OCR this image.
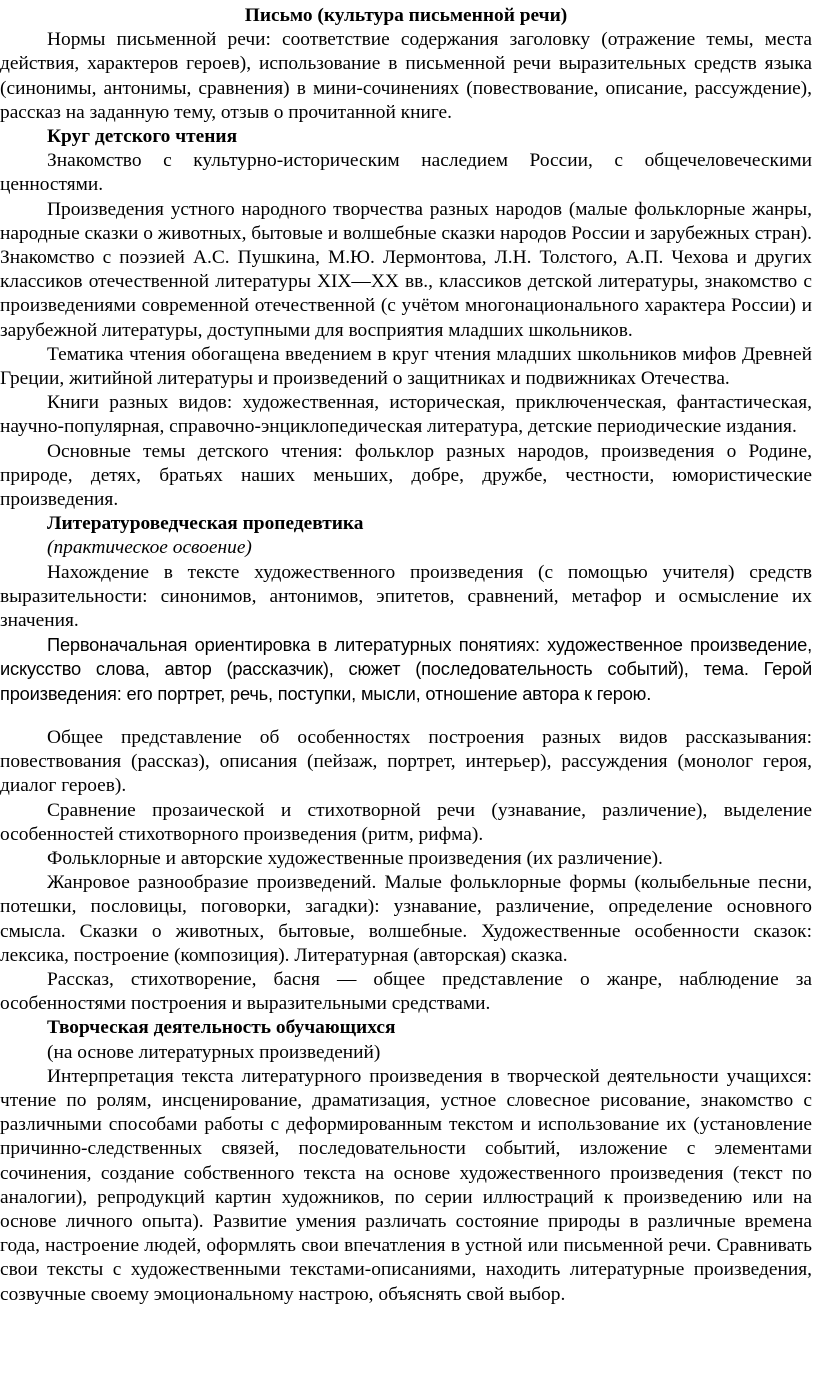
Письмо (культура письменной речи)

Нормы письменной речи: соответствие содержания заголовку (отражение темы, места действия, характеров героев), использование в письменной речи выразительных средств языка (синонимы, антонимы, сравнения) в мини-сочинениях (повествование, описание, рассуждение), рассказ на заданную тему, отзыв о прочитанной книге.

Круг детского чтения

Знакомство с культурно-историческим наследием России, с общечеловеческими ценностями.

Произведения устного народного творчества разных народов (малые фольклорные жанры, народные сказки о животных, бытовые и волшебные сказки народов России и зарубежных стран). Знакомство с поэзией А.С. Пушкина, М.Ю. Лермонтова, Л.Н. Толстого, А.П. Чехова и других классиков отечественной литературы XIX—XX вв., классиков детской литературы, знакомство с произведениями современной отечественной (с учётом многонационального характера России) и зарубежной литературы, доступными для восприятия младших школьников.

Тематика чтения обогащена введением в круг чтения младших школьников мифов Древней Греции, житийной литературы и произведений о защитниках и подвижниках Отечества.

Книги разных видов: художественная, историческая, приключенческая, фантастическая, научно-популярная, справочно-энциклопедическая литература, детские периодические издания.

Основные темы детского чтения: фольклор разных народов, произведения о Родине, природе, детях, братьях наших меньших, добре, дружбе, честности, юмористические произведения.

Литературоведческая пропедевтика

(практическое освоение)

Нахождение в тексте художественного произведения (с помощью учителя) средств выразительности: синонимов, антонимов, эпитетов, сравнений, метафор и осмысление их значения.

Первоначальная ориентировка в литературных понятиях: художественное произведение, искусство слова, автор (рассказчик), сюжет (последовательность событий), тема. Герой произведения: его портрет, речь, поступки, мысли, отношение автора к герою.

Общее представление об особенностях построения разных видов рассказывания: повествования (рассказ), описания (пейзаж, портрет, интерьер), рассуждения (монолог героя, диалог героев).

Сравнение прозаической и стихотворной речи (узнавание, различение), выделение особенностей стихотворного произведения (ритм, рифма).

Фольклорные и авторские художественные произведения (их различение).

Жанровое разнообразие произведений. Малые фольклорные формы (колыбельные песни, потешки, пословицы, поговорки, загадки): узнавание, различение, определение основного смысла. Сказки о животных, бытовые, волшебные. Художественные особенности сказок: лексика, построение (композиция). Литературная (авторская) сказка.

Рассказ, стихотворение, басня — общее представление о жанре, наблюдение за особенностями построения и выразительными средствами.

Творческая деятельность обучающихся

(на основе литературных произведений)

Интерпретация текста литературного произведения в творческой деятельности учащихся: чтение по ролям, инсценирование, драматизация, устное словесное рисование, знакомство с различными способами работы с деформированным текстом и использование их (установление причинно-следственных связей, последовательности событий, изложение с элементами сочинения, создание собственного текста на основе художественного произведения (текст по аналогии), репродукций картин художников, по серии иллюстраций к произведению или на основе личного опыта). Развитие умения различать состояние природы в различные времена года, настроение людей, оформлять свои впечатления в устной или письменной речи. Сравнивать свои тексты с художественными текстами-описаниями, находить литературные произведения, созвучные своему эмоциональному настрою, объяснять свой выбор.
